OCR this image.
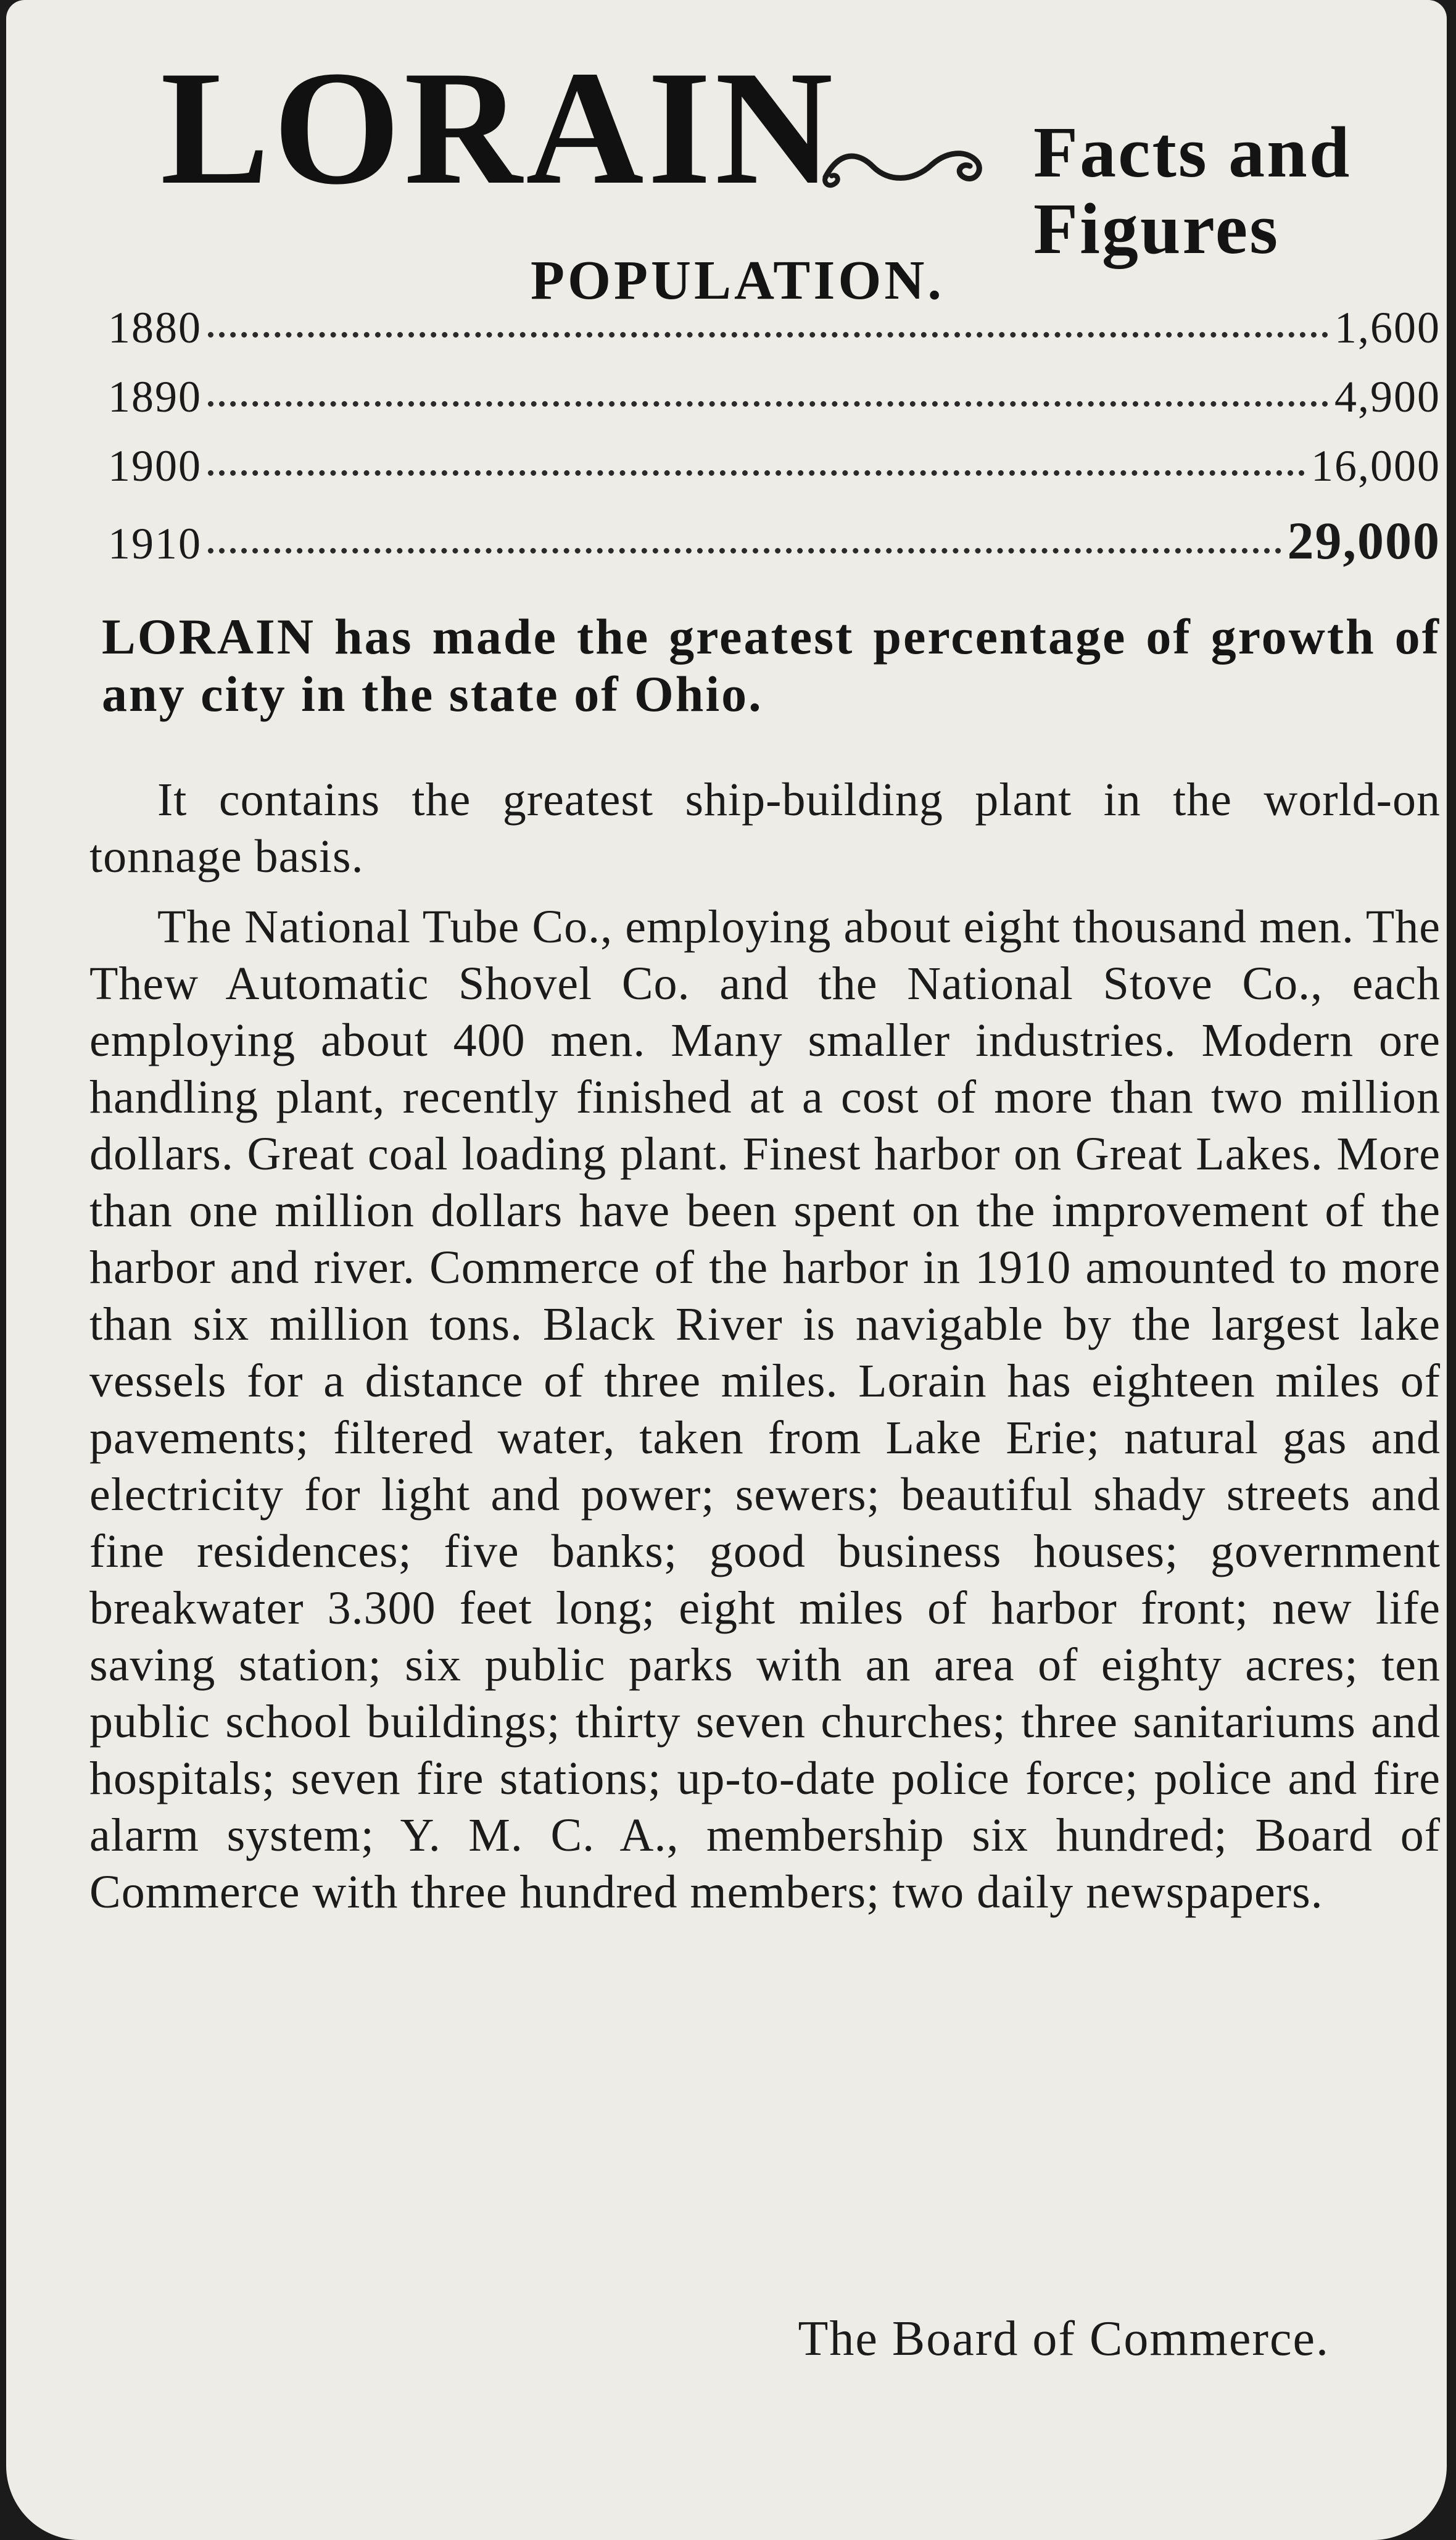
LORAIN	Facts and
Figures
POPULATION.
1880	1,600
1890	4,900
1900	16,000
1910	29,000

LORAIN has made the greatest percentage of growth of any city in the state of Ohio.

It contains the greatest ship-building plant in the world-on tonnage basis.

The National Tube Co., employing about eight thousand men. The Thew Automatic Shovel Co. and the National Stove Co., each employing about 400 men. Many smaller industries. Modern ore handling plant, recently finished at a cost of more than two million dollars. Great coal loading plant. Finest harbor on Great Lakes. More than one million dollars have been spent on the improvement of the harbor and river. Commerce of the harbor in 1910 amounted to more than six million tons. Black River is navigable by the largest lake vessels for a distance of three miles. Lorain has eighteen miles of pavements; filtered water, taken from Lake Erie; natural gas and electricity for light and power; sewers; beautiful shady streets and fine residences; five banks; good business houses; government breakwater 3.300 feet long; eight miles of harbor front; new life saving station; six public parks with an area of eighty acres; ten public school buildings; thirty seven churches; three sanitariums and hospitals; seven fire stations; up-to-date police force; police and fire alarm system; Y. M. C. A., membership six hundred; Board of Commerce with three hundred members; two daily newspapers.

The Board of Commerce.
